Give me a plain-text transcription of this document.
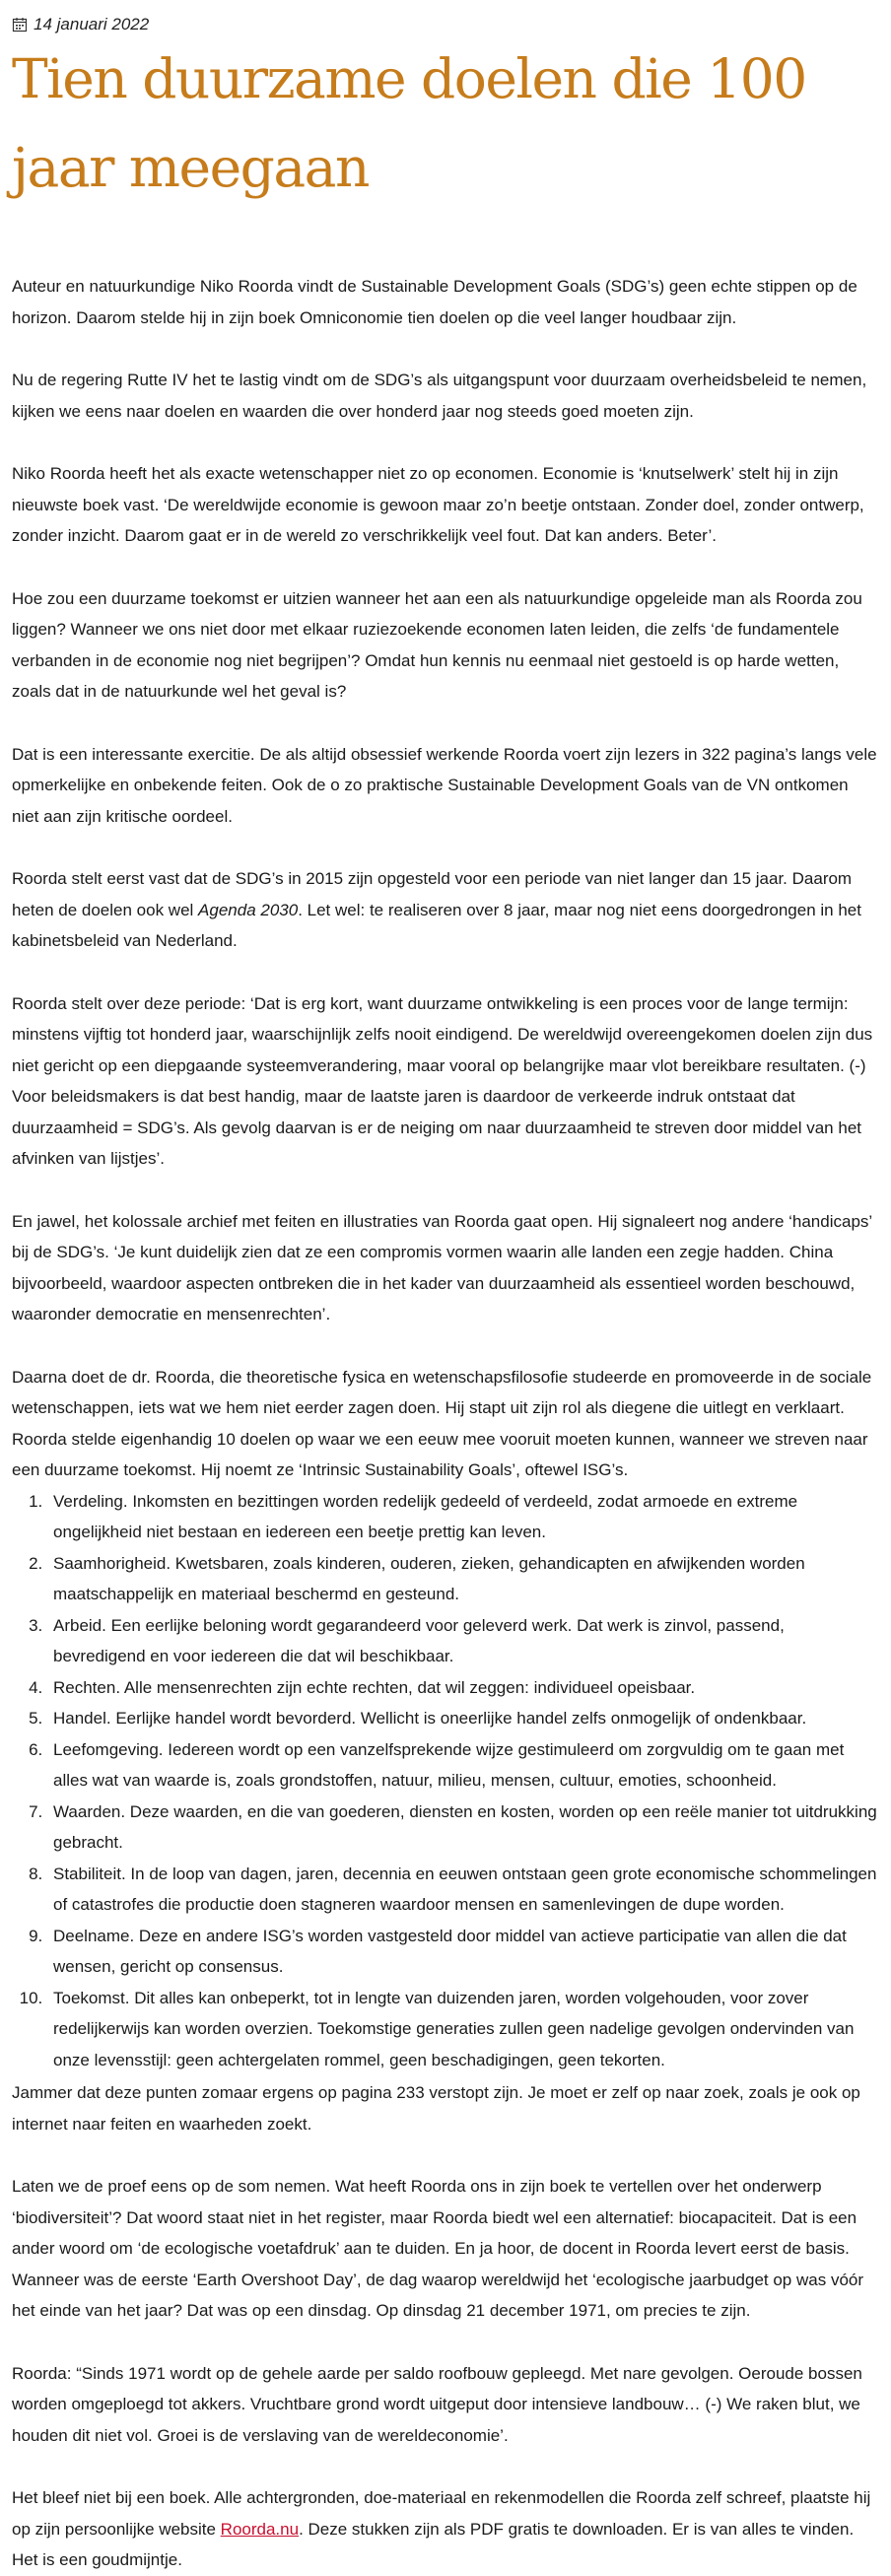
14 januari 2022
Tien duurzame doelen die 100 jaar meegaan

Auteur en natuurkundige Niko Roorda vindt de Sustainable Development Goals (SDG’s) geen echte stippen op de horizon. Daarom stelde hij in zijn boek Omniconomie tien doelen op die veel langer houdbaar zijn.

Nu de regering Rutte IV het te lastig vindt om de SDG’s als uitgangspunt voor duurzaam overheidsbeleid te nemen, kijken we eens naar doelen en waarden die over honderd jaar nog steeds goed moeten zijn.

Niko Roorda heeft het als exacte wetenschapper niet zo op economen. Economie is ‘knutselwerk’ stelt hij in zijn nieuwste boek vast. ‘De wereldwijde economie is gewoon maar zo’n beetje ontstaan. Zonder doel, zonder ontwerp, zonder inzicht. Daarom gaat er in de wereld zo verschrikkelijk veel fout. Dat kan anders. Beter’.

Hoe zou een duurzame toekomst er uitzien wanneer het aan een als natuurkundige opgeleide man als Roorda zou liggen? Wanneer we ons niet door met elkaar ruziezoekende economen laten leiden, die zelfs ‘de fundamentele verbanden in de economie nog niet begrijpen’? Omdat hun kennis nu eenmaal niet gestoeld is op harde wetten, zoals dat in de natuurkunde wel het geval is?

Dat is een interessante exercitie. De als altijd obsessief werkende Roorda voert zijn lezers in 322 pagina’s langs vele opmerkelijke en onbekende feiten. Ook de o zo praktische Sustainable Development Goals van de VN ontkomen niet aan zijn kritische oordeel.

Roorda stelt eerst vast dat de SDG’s in 2015 zijn opgesteld voor een periode van niet langer dan 15 jaar. Daarom heten de doelen ook wel Agenda 2030. Let wel: te realiseren over 8 jaar, maar nog niet eens doorgedrongen in het kabinetsbeleid van Nederland.

Roorda stelt over deze periode: ‘Dat is erg kort, want duurzame ontwikkeling is een proces voor de lange termijn: minstens vijftig tot honderd jaar, waarschijnlijk zelfs nooit eindigend. De wereldwijd overeengekomen doelen zijn dus niet gericht op een diepgaande systeemverandering, maar vooral op belangrijke maar vlot bereikbare resultaten. (-) Voor beleidsmakers is dat best handig, maar de laatste jaren is daardoor de verkeerde indruk ontstaat dat duurzaamheid = SDG’s. Als gevolg daarvan is er de neiging om naar duurzaamheid te streven door middel van het afvinken van lijstjes’.

En jawel, het kolossale archief met feiten en illustraties van Roorda gaat open. Hij signaleert nog andere ‘handicaps’ bij de SDG’s. ‘Je kunt duidelijk zien dat ze een compromis vormen waarin alle landen een zegje hadden. China bijvoorbeeld, waardoor aspecten ontbreken die in het kader van duurzaamheid als essentieel worden beschouwd, waaronder democratie en mensenrechten’.

Daarna doet de dr. Roorda, die theoretische fysica en wetenschapsfilosofie studeerde en promoveerde in de sociale wetenschappen, iets wat we hem niet eerder zagen doen. Hij stapt uit zijn rol als diegene die uitlegt en verklaart. Roorda stelde eigenhandig 10 doelen op waar we een eeuw mee vooruit moeten kunnen, wanneer we streven naar een duurzame toekomst. Hij noemt ze ‘Intrinsic Sustainability Goals’, oftewel ISG’s.

1. Verdeling. Inkomsten en bezittingen worden redelijk gedeeld of verdeeld, zodat armoede en extreme ongelijkheid niet bestaan en iedereen een beetje prettig kan leven.
2. Saamhorigheid. Kwetsbaren, zoals kinderen, ouderen, zieken, gehandicapten en afwijkenden worden maatschappelijk en materiaal beschermd en gesteund.
3. Arbeid. Een eerlijke beloning wordt gegarandeerd voor geleverd werk. Dat werk is zinvol, passend, bevredigend en voor iedereen die dat wil beschikbaar.
4. Rechten. Alle mensenrechten zijn echte rechten, dat wil zeggen: individueel opeisbaar.
5. Handel. Eerlijke handel wordt bevorderd. Wellicht is oneerlijke handel zelfs onmogelijk of ondenkbaar.
6. Leefomgeving. Iedereen wordt op een vanzelfsprekende wijze gestimuleerd om zorgvuldig om te gaan met alles wat van waarde is, zoals grondstoffen, natuur, milieu, mensen, cultuur, emoties, schoonheid.
7. Waarden. Deze waarden, en die van goederen, diensten en kosten, worden op een reële manier tot uitdrukking gebracht.
8. Stabiliteit. In de loop van dagen, jaren, decennia en eeuwen ontstaan geen grote economische schommelingen of catastrofes die productie doen stagneren waardoor mensen en samenlevingen de dupe worden.
9. Deelname. Deze en andere ISG’s worden vastgesteld door middel van actieve participatie van allen die dat wensen, gericht op consensus.
10. Toekomst. Dit alles kan onbeperkt, tot in lengte van duizenden jaren, worden volgehouden, voor zover redelijkerwijs kan worden overzien. Toekomstige generaties zullen geen nadelige gevolgen ondervinden van onze levensstijl: geen achtergelaten rommel, geen beschadigingen, geen tekorten.

Jammer dat deze punten zomaar ergens op pagina 233 verstopt zijn. Je moet er zelf op naar zoek, zoals je ook op internet naar feiten en waarheden zoekt.

Laten we de proef eens op de som nemen. Wat heeft Roorda ons in zijn boek te vertellen over het onderwerp ‘biodiversiteit’? Dat woord staat niet in het register, maar Roorda biedt wel een alternatief: biocapaciteit. Dat is een ander woord om ‘de ecologische voetafdruk’ aan te duiden. En ja hoor, de docent in Roorda levert eerst de basis. Wanneer was de eerste ‘Earth Overshoot Day’, de dag waarop wereldwijd het ‘ecologische jaarbudget op was vóór het einde van het jaar? Dat was op een dinsdag. Op dinsdag 21 december 1971, om precies te zijn.

Roorda: “Sinds 1971 wordt op de gehele aarde per saldo roofbouw gepleegd. Met nare gevolgen. Oeroude bossen worden omgeploegd tot akkers. Vruchtbare grond wordt uitgeput door intensieve landbouw… (-) We raken blut, we houden dit niet vol. Groei is de verslaving van de wereldeconomie’.

Het bleef niet bij een boek. Alle achtergronden, doe-materiaal en rekenmodellen die Roorda zelf schreef, plaatste hij op zijn persoonlijke website Roorda.nu. Deze stukken zijn als PDF gratis te downloaden. Er is van alles te vinden. Het is een goudmijntje.
